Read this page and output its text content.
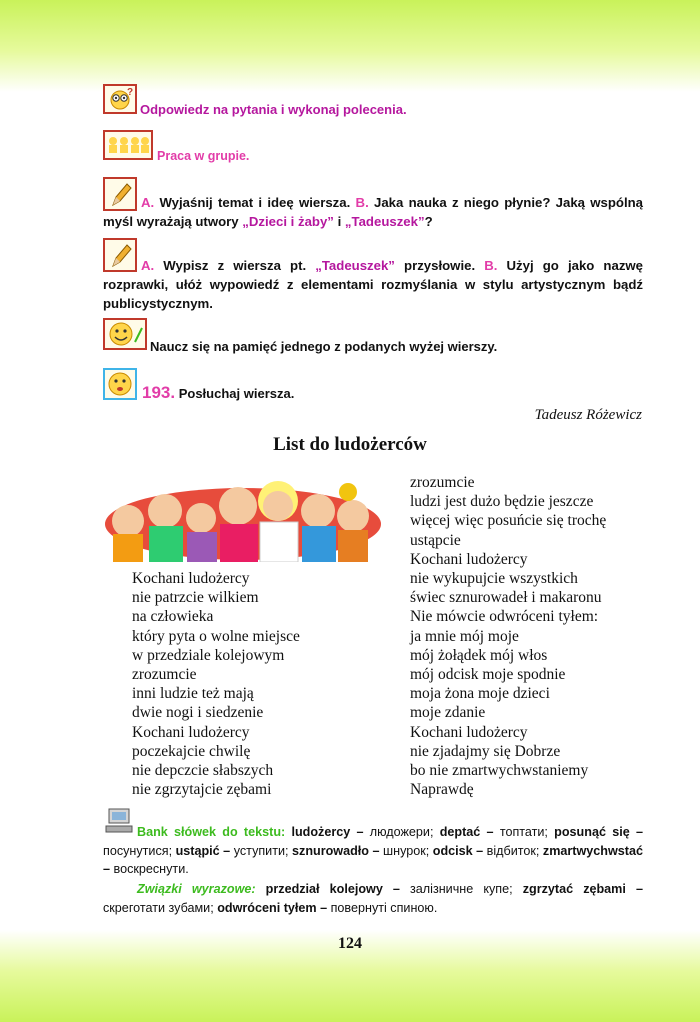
?
Odpowiedz na pytania i wykonaj polecenia.
Praca w grupie.
A. Wyjaśnij temat i ideę wiersza. B. Jaka nauka z niego płynie? Jaką wspólną myśl wyrażają utwory „Dzieci i żaby” i „Tadeuszek”?
A. Wypisz z wiersza pt. „Tadeuszek” przysłowie. B. Użyj go jako nazwę rozprawki, ułóż wypowiedź z elementami rozmyślania w stylu artystycznym bądź publicystycznym.
Naucz się na pamięć jednego z podanych wyżej wierszy.
193. Posłuchaj wiersza.
Tadeusz Różewicz
List do ludożerców
Kochani ludożercy
nie patrzcie wilkiem
na człowieka
który pyta o wolne miejsce
w przedziale kolejowym
zrozumcie
inni ludzie też mają
dwie nogi i siedzenie
Kochani ludożercy
poczekajcie chwilę
nie depczcie słabszych
nie zgrzytajcie zębami
zrozumcie
ludzi jest dużo będzie jeszcze
więcej więc posuńcie się trochę
ustąpcie
Kochani ludożercy
nie wykupujcie wszystkich
świec sznurowadeł i makaronu
Nie mówcie odwróceni tyłem:
ja mnie mój moje
mój żołądek mój włos
mój odcisk moje spodnie
moja żona moje dzieci
moje zdanie
Kochani ludożercy
nie zjadajmy się Dobrze
bo nie zmartwychwstaniemy
Naprawdę
Bank słówek do tekstu: ludożercy – людожери; deptać – топтати; posunąć się – посунутися; ustąpić – уступити; sznurowadło – шнурок; odcisk – відбиток; zmartwychwstać – воскреснути.
Związki wyrazowe: przedział kolejowy – залізничне купе; zgrzytać zębami – скреготати зубами; odwróceni tyłem – повернуті спиною.
124
